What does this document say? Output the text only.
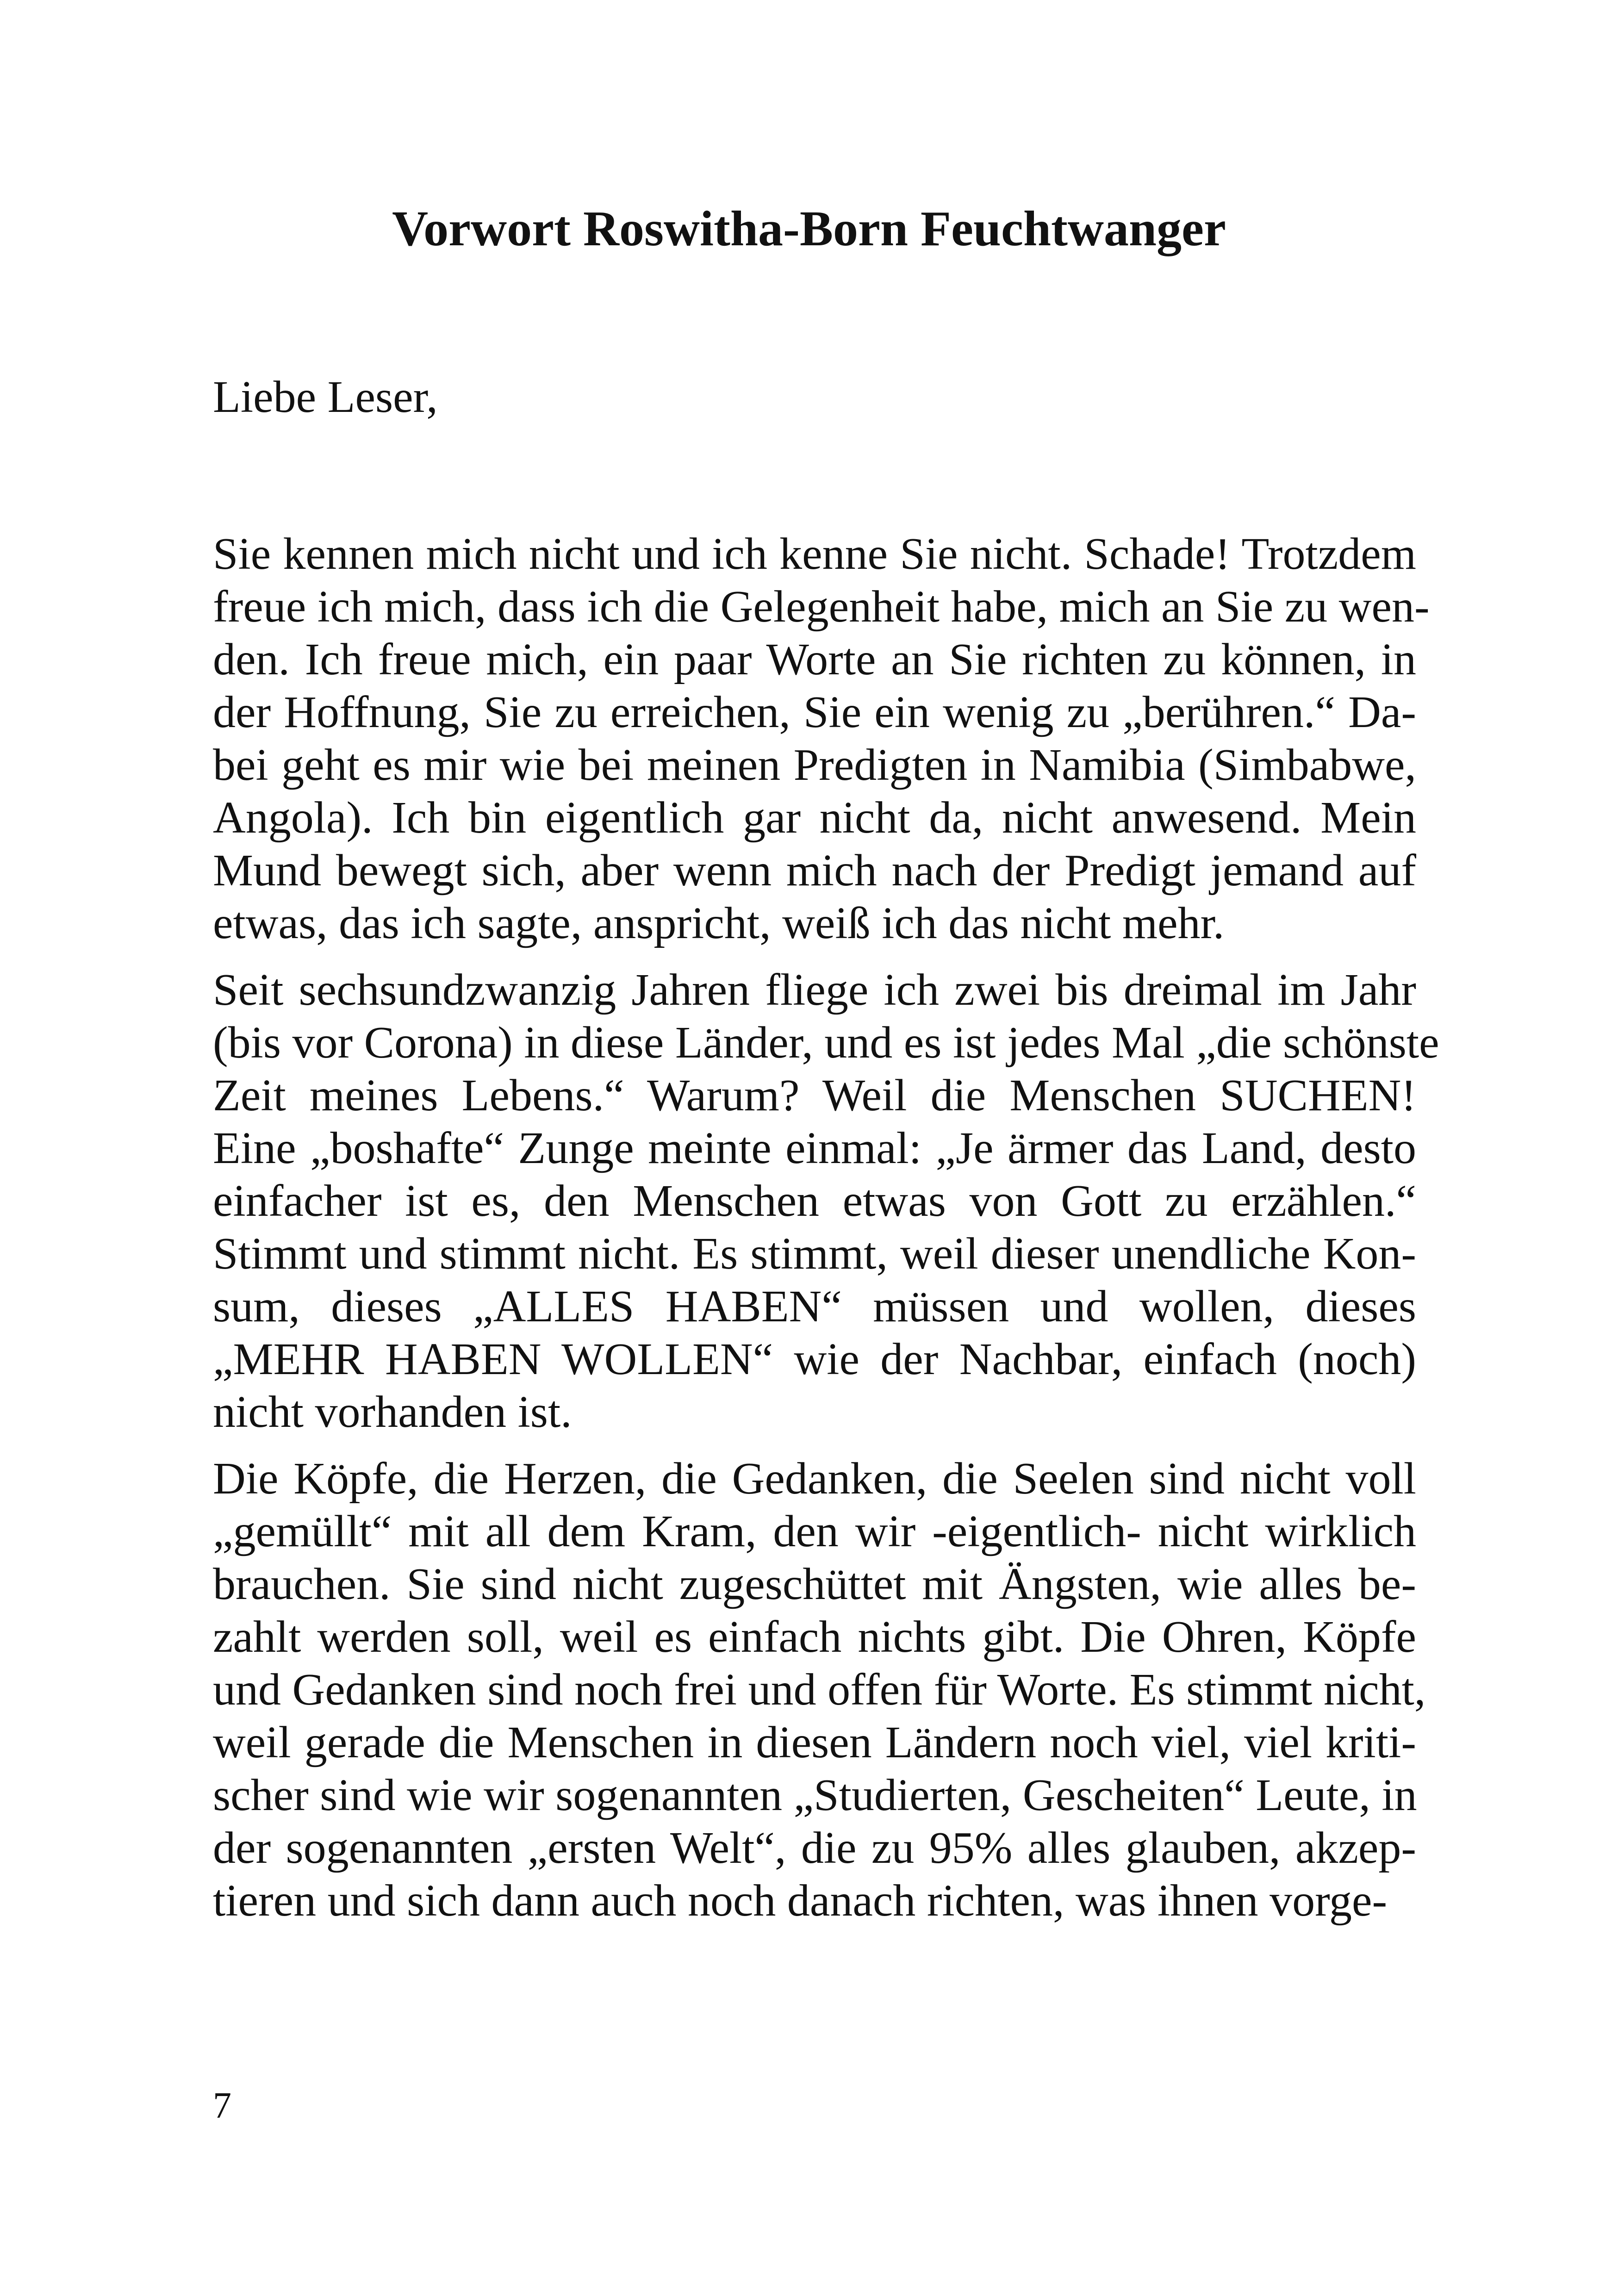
Vorwort Roswitha-Born Feuchtwanger

Liebe Leser,

Sie kennen mich nicht und ich kenne Sie nicht. Schade! Trotzdem
freue ich mich, dass ich die Gelegenheit habe, mich an Sie zu wen-
den. Ich freue mich, ein paar Worte an Sie richten zu können, in
der Hoffnung, Sie zu erreichen, Sie ein wenig zu „berühren.“ Da-
bei geht es mir wie bei meinen Predigten in Namibia (Simbabwe,
Angola). Ich bin eigentlich gar nicht da, nicht anwesend. Mein
Mund bewegt sich, aber wenn mich nach der Predigt jemand auf
etwas, das ich sagte, anspricht, weiß ich das nicht mehr.

Seit sechsundzwanzig Jahren fliege ich zwei bis dreimal im Jahr
(bis vor Corona) in diese Länder, und es ist jedes Mal „die schönste
Zeit meines Lebens.“ Warum? Weil die Menschen SUCHEN!
Eine „boshafte“ Zunge meinte einmal: „Je ärmer das Land, desto
einfacher ist es, den Menschen etwas von Gott zu erzählen.“
Stimmt und stimmt nicht. Es stimmt, weil dieser unendliche Kon-
sum, dieses „ALLES HABEN“ müssen und wollen, dieses
„MEHR HABEN WOLLEN“ wie der Nachbar, einfach (noch)
nicht vorhanden ist.

Die Köpfe, die Herzen, die Gedanken, die Seelen sind nicht voll
„gemüllt“ mit all dem Kram, den wir -eigentlich- nicht wirklich
brauchen. Sie sind nicht zugeschüttet mit Ängsten, wie alles be-
zahlt werden soll, weil es einfach nichts gibt. Die Ohren, Köpfe
und Gedanken sind noch frei und offen für Worte. Es stimmt nicht,
weil gerade die Menschen in diesen Ländern noch viel, viel kriti-
scher sind wie wir sogenannten „Studierten, Gescheiten“ Leute, in
der sogenannten „ersten Welt“, die zu 95% alles glauben, akzep-
tieren und sich dann auch noch danach richten, was ihnen vorge-

7
